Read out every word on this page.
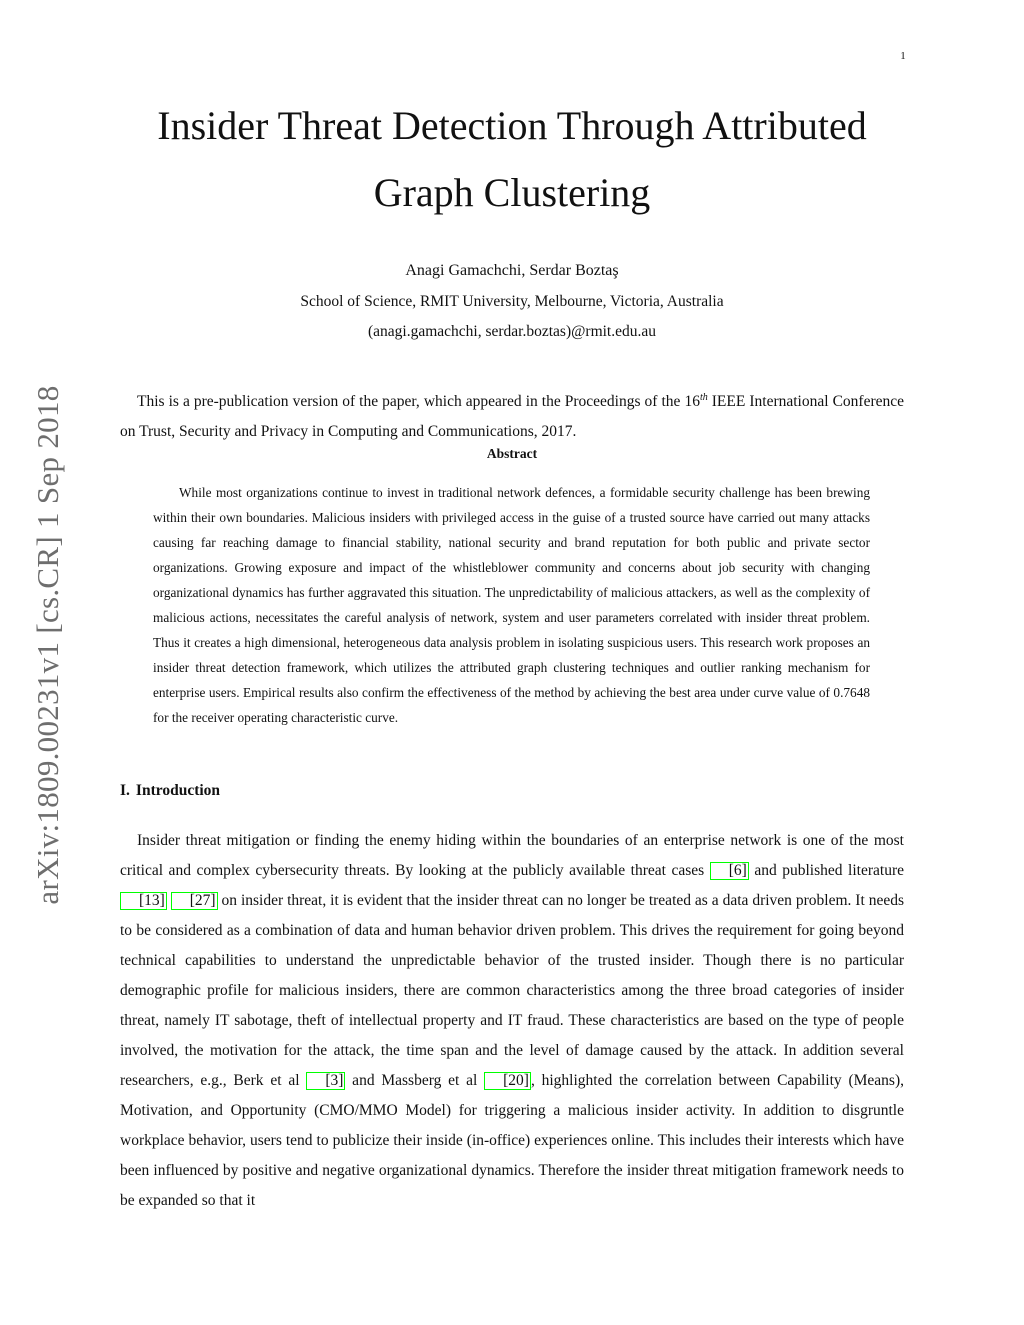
1
arXiv:1809.00231v1 [cs.CR] 1 Sep 2018
Insider Threat Detection Through Attributed
Graph Clustering
Anagi Gamachchi, Serdar Boztaş
School of Science, RMIT University, Melbourne, Victoria, Australia
(anagi.gamachchi, serdar.boztas)@rmit.edu.au

This is a pre-publication version of the paper, which appeared in the Proceedings of the 16th IEEE International Conference on Trust, Security and Privacy in Computing and Communications, 2017.

Abstract

While most organizations continue to invest in traditional network defences, a formidable security challenge has been brewing within their own boundaries. Malicious insiders with privileged access in the guise of a trusted source have carried out many attacks causing far reaching damage to financial stability, national security and brand reputation for both public and private sector organizations. Growing exposure and impact of the whistleblower community and concerns about job security with changing organizational dynamics has further aggravated this situation. The unpredictability of malicious attackers, as well as the complexity of malicious actions, necessitates the careful analysis of network, system and user parameters correlated with insider threat problem. Thus it creates a high dimensional, heterogeneous data analysis problem in isolating suspicious users. This research work proposes an insider threat detection framework, which utilizes the attributed graph clustering techniques and outlier ranking mechanism for enterprise users. Empirical results also confirm the effectiveness of the method by achieving the best area under curve value of 0.7648 for the receiver operating characteristic curve.

I. Introduction

Insider threat mitigation or finding the enemy hiding within the boundaries of an enterprise network is one of the most critical and complex cybersecurity threats. By looking at the publicly available threat cases [6] and published literature [13] [27] on insider threat, it is evident that the insider threat can no longer be treated as a data driven problem. It needs to be considered as a combination of data and human behavior driven problem. This drives the requirement for going beyond technical capabilities to understand the unpredictable behavior of the trusted insider. Though there is no particular demographic profile for malicious insiders, there are common characteristics among the three broad categories of insider threat, namely IT sabotage, theft of intellectual property and IT fraud. These characteristics are based on the type of people involved, the motivation for the attack, the time span and the level of damage caused by the attack. In addition several researchers, e.g., Berk et al [3] and Massberg et al [20] , highlighted the correlation between Capability (Means), Motivation, and Opportunity (CMO/MMO Model) for triggering a malicious insider activity. In addition to disgruntle workplace behavior, users tend to publicize their inside (in-office) experiences online. This includes their interests which have been influenced by positive and negative organizational dynamics. Therefore the insider threat mitigation framework needs to be expanded so that it
